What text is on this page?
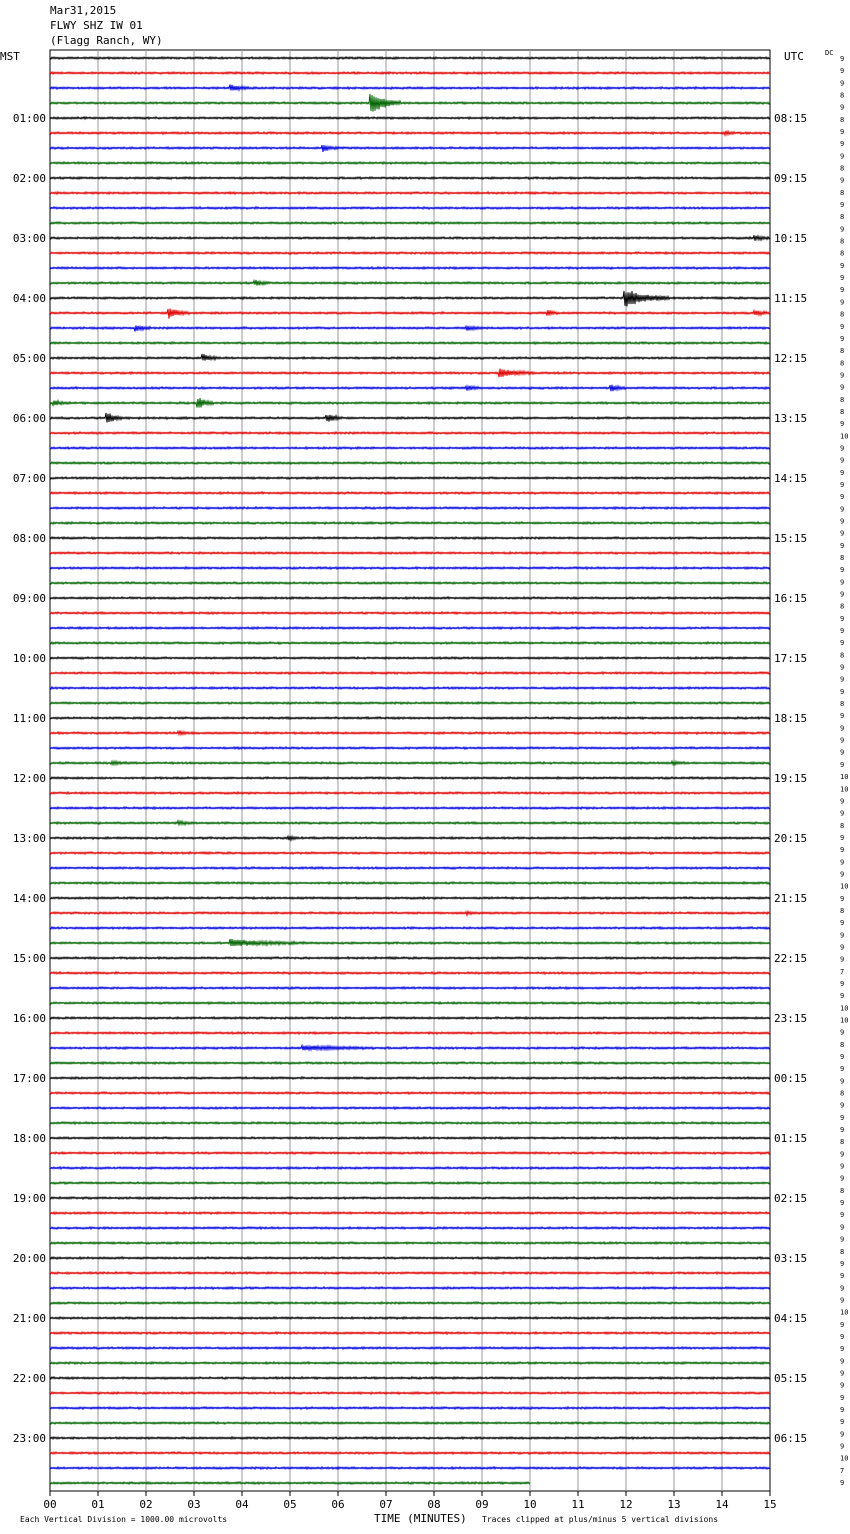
Mar31,2015
FLWY SHZ IW 01
(Flagg Ranch, WY)
00	01	02	03	04	05	06	07	08	09	10	11	12	13	14	15
01:00
02:00
03:00
04:00
05:00
06:00
07:00
08:00
09:00
10:00
11:00
12:00
13:00
14:00
15:00
16:00
17:00
18:00
19:00
20:00
21:00
22:00
23:00
08:15
09:15
10:15
11:15
12:15
13:15
14:15
15:15
16:15
17:15
18:15
19:15
20:15
21:15
22:15
23:15
00:15
01:15
02:15
03:15
04:15
05:15
06:15
9
9
9
8
9
8
9
9
9
8
9
8
9
8
9
8
8
9
9
9
9
8
9
9
8
8
9
9
8
8
9
10
9
9
9
9
9
9
9
9
9
8
9
9
9
8
9
9
9
8
9
9
9
8
9
9
9
9
9
10
10
9
9
8
9
9
9
9
10
9
8
9
9
9
9
7
9
9
10
10
9
8
9
9
9
8
9
9
9
8
9
9
9
8
9
9
9
9
8
9
9
9
9
10
9
9
9
9
9
9
9
9
9
9
9
10
7
9
MST	UTC	DC
Each Vertical Division = 1000.00 microvolts	TIME (MINUTES) Traces clipped at plus/minus 5 vertical divisions
